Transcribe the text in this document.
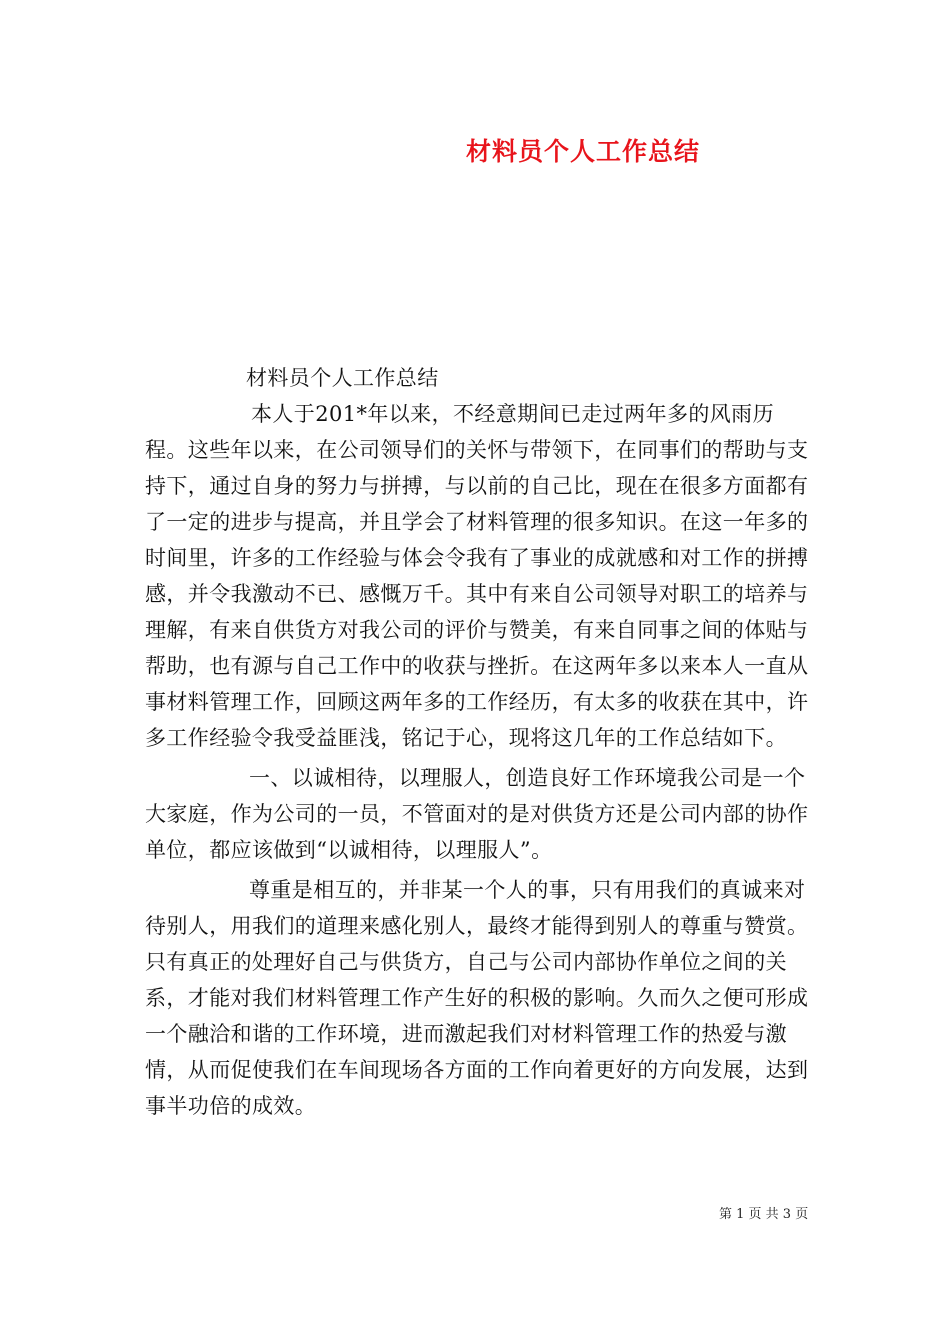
材料员个人工作总结

材料员个人工作总结

本人于201*年以来，不经意期间已走过两年多的风雨历程。这些年以来，在公司领导们的关怀与带领下，在同事们的帮助与支持下，通过自身的努力与拼搏，与以前的自己比，现在在很多方面都有了一定的进步与提高，并且学会了材料管理的很多知识。在这一年多的时间里，许多的工作经验与体会令我有了事业的成就感和对工作的拼搏感，并令我激动不已、感慨万千。其中有来自公司领导对职工的培养与理解，有来自供货方对我公司的评价与赞美，有来自同事之间的体贴与帮助，也有源与自己工作中的收获与挫折。在这两年多以来本人一直从事材料管理工作，回顾这两年多的工作经历，有太多的收获在其中，许多工作经验令我受益匪浅，铭记于心，现将这几年的工作总结如下。

一、以诚相待，以理服人，创造良好工作环境我公司是一个大家庭，作为公司的一员，不管面对的是对供货方还是公司内部的协作单位，都应该做到“以诚相待，以理服人”。

尊重是相互的，并非某一个人的事，只有用我们的真诚来对待别人，用我们的道理来感化别人，最终才能得到别人的尊重与赞赏。只有真正的处理好自己与供货方，自己与公司内部协作单位之间的关系，才能对我们材料管理工作产生好的积极的影响。久而久之便可形成一个融洽和谐的工作环境，进而激起我们对材料管理工作的热爱与激情，从而促使我们在车间现场各方面的工作向着更好的方向发展，达到事半功倍的成效。

第 1 页 共 3 页
